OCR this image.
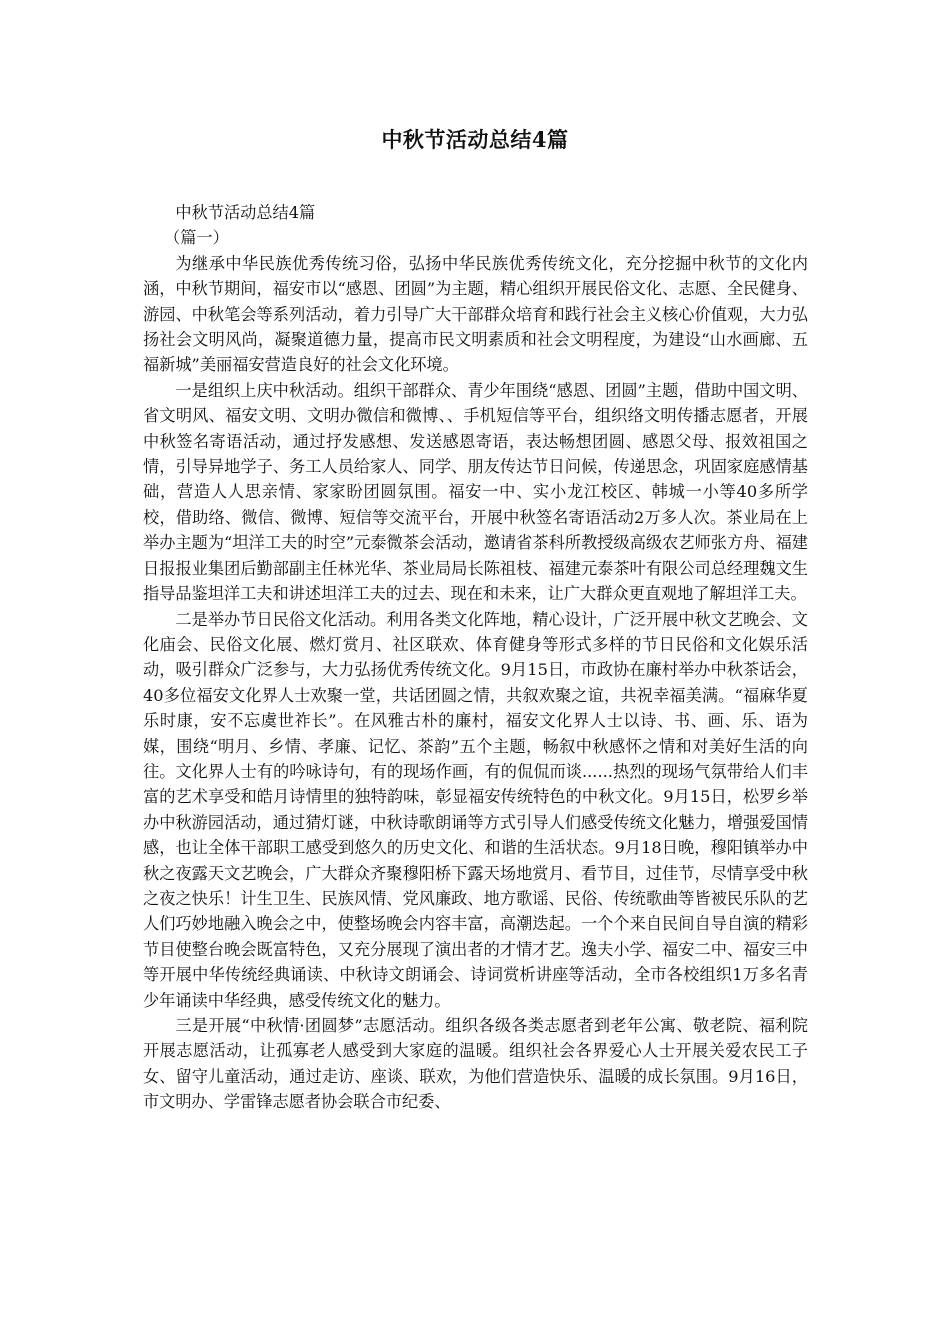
中秋节活动总结4篇

中秋节活动总结4篇

（篇一）

为继承中华民族优秀传统习俗，弘扬中华民族优秀传统文化，充分挖掘中秋节的文化内涵，中秋节期间，福安市以“感恩、团圆”为主题，精心组织开展民俗文化、志愿、全民健身、游园、中秋笔会等系列活动，着力引导广大干部群众培育和践行社会主义核心价值观，大力弘扬社会文明风尚，凝聚道德力量，提高市民文明素质和社会文明程度，为建设“山水画廊、五福新城”美丽福安营造良好的社会文化环境。

一是组织上庆中秋活动。组织干部群众、青少年围绕“感恩、团圆”主题，借助中国文明、省文明风、福安文明、文明办微信和微博、、手机短信等平台，组织络文明传播志愿者，开展中秋签名寄语活动，通过抒发感想、发送感恩寄语，表达畅想团圆、感恩父母、报效祖国之情，引导异地学子、务工人员给家人、同学、朋友传达节日问候，传递思念，巩固家庭感情基础，营造人人思亲情、家家盼团圆氛围。福安一中、实小龙江校区、韩城一小等40多所学校，借助络、微信、微博、短信等交流平台，开展中秋签名寄语活动2万多人次。茶业局在上举办主题为“坦洋工夫的时空”元泰微茶会活动，邀请省茶科所教授级高级农艺师张方舟、福建日报报业集团后勤部副主任林光华、茶业局局长陈祖枝、福建元泰茶叶有限公司总经理魏文生指导品鉴坦洋工夫和讲述坦洋工夫的过去、现在和未来，让广大群众更直观地了解坦洋工夫。

二是举办节日民俗文化活动。利用各类文化阵地，精心设计，广泛开展中秋文艺晚会、文化庙会、民俗文化展、燃灯赏月、社区联欢、体育健身等形式多样的节日民俗和文化娱乐活动，吸引群众广泛参与，大力弘扬优秀传统文化。9月15日，市政协在廉村举办中秋茶话会，40多位福安文化界人士欢聚一堂，共话团圆之情，共叙欢聚之谊，共祝幸福美满。“福麻华夏乐时康，安不忘虞世祚长”。在风雅古朴的廉村，福安文化界人士以诗、书、画、乐、语为媒，围绕“明月、乡情、孝廉、记忆、茶韵”五个主题，畅叙中秋感怀之情和对美好生活的向往。文化界人士有的吟咏诗句，有的现场作画，有的侃侃而谈......热烈的现场气氛带给人们丰富的艺术享受和皓月诗情里的独特韵味，彰显福安传统特色的中秋文化。9月15日，松罗乡举办中秋游园活动，通过猜灯谜，中秋诗歌朗诵等方式引导人们感受传统文化魅力，增强爱国情感，也让全体干部职工感受到悠久的历史文化、和谐的生活状态。9月18日晚，穆阳镇举办中秋之夜露天文艺晚会，广大群众齐聚穆阳桥下露天场地赏月、看节目，过佳节，尽情享受中秋之夜之快乐！计生卫生、民族风情、党风廉政、地方歌谣、民俗、传统歌曲等皆被民乐队的艺人们巧妙地融入晚会之中，使整场晚会内容丰富，高潮迭起。一个个来自民间自导自演的精彩节目使整台晚会既富特色，又充分展现了演出者的才情才艺。逸夫小学、福安二中、福安三中等开展中华传统经典诵读、中秋诗文朗诵会、诗词赏析讲座等活动，全市各校组织1万多名青少年诵读中华经典，感受传统文化的魅力。

三是开展“中秋情·团圆梦”志愿活动。组织各级各类志愿者到老年公寓、敬老院、福利院开展志愿活动，让孤寡老人感受到大家庭的温暖。组织社会各界爱心人士开展关爱农民工子女、留守儿童活动，通过走访、座谈、联欢，为他们营造快乐、温暖的成长氛围。9月16日，市文明办、学雷锋志愿者协会联合市纪委、
